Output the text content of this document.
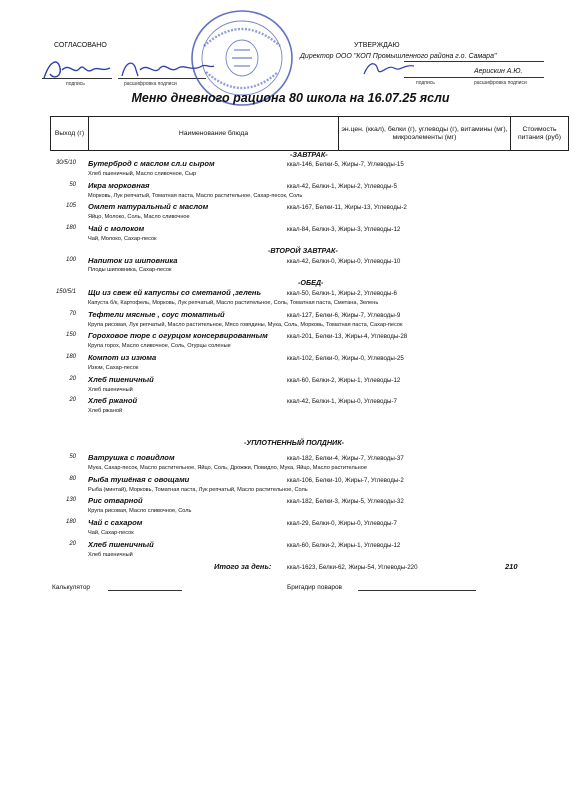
СОГЛАСОВАНО
подпись	расшифровка подписи
УТВЕРЖДАЮ
Директор ООО "КОП Промышленного района г.о. Самара"
Аерискин А.Ю.
подпись	расшифровка подписи
Меню дневного рациона 80 школа на 16.07.25 ясли
Выход (г)	Наименование блюда	эн.цен. (ккал), белки (г), углеводы (г), витамины (мг), микроэлементы (мг)	Стоимость питания (руб)
-ЗАВТРАК-
30/5/10 Бутерброд с маслом сл.и сыром	ккал-146, Белки-5, Жиры-7, Углеводы-15
Хлеб пшеничный, Масло сливочное, Сыр
50 Икра морковная	ккал-42, Белки-1, Жиры-2, Углеводы-5
Морковь, Лук репчатый, Томатная паста, Масло растительное, Сахар-песок, Соль
105 Омлет натуральный с маслом	ккал-167, Белки-11, Жиры-13, Углеводы-2
Яйцо, Молоко, Соль, Масло сливочное
180 Чай с молоком	ккал-84, Белки-3, Жиры-3, Углеводы-12
Чай, Молоко, Сахар-песок
-ВТОРОЙ ЗАВТРАК-
100 Напиток из шиповника	ккал-42, Белки-0, Жиры-0, Углеводы-10
Плоды шиповника, Сахар-песок
-ОБЕД-
150/5/1 Щи из свеж ей капусты со сметаной ,зелень	ккал-50, Белки-1, Жиры-2, Углеводы-6
Капуста б/к, Картофель, Морковь, Лук репчатый, Масло растительное, Соль, Томатная паста, Сметана, Зелень
70 Тефтели мясные , соус томатный	ккал-127, Белки-6, Жиры-7, Углеводы-9
Крупа рисовая, Лук репчатый, Масло растительное, Мясо говядины, Мука, Соль, Морковь, Томатная паста, Сахар-песок
150 Гороховое пюре с огурцом консервированным	ккал-201, Белки-13, Жиры-4, Углеводы-28
Крупа горох, Масло сливочное, Соль, Огурцы соленые
180 Компот из изюма	ккал-102, Белки-0, Жиры-0, Углеводы-25
Изюм, Сахар-песок
20 Хлеб пшеничный	ккал-60, Белки-2, Жиры-1, Углеводы-12
Хлеб пшеничный
20 Хлеб ржаной	ккал-42, Белки-1, Жиры-0, Углеводы-7
Хлеб ржаной
-УПЛОТНЕННЫЙ ПОЛДНИК-
50 Ватрушка с повидлом	ккал-182, Белки-4, Жиры-7, Углеводы-37
Мука, Сахар-песок, Масло растительное, Яйцо, Соль, Дрожжи, Повидло, Мука, Яйцо, Масло растительное
80 Рыба тушёная с овощами	ккал-106, Белки-10, Жиры-7, Углеводы-2
Рыба (минтай), Морковь, Томатная паста, Лук репчатый, Масло растительное, Соль
130 Рис отварной	ккал-182, Белки-3, Жиры-5, Углеводы-32
Крупа рисовая, Масло сливочное, Соль
180 Чай с сахаром	ккал-29, Белки-0, Жиры-0, Углеводы-7
Чай, Сахар-песок
20 Хлеб пшеничный	ккал-60, Белки-2, Жиры-1, Углеводы-12
Хлеб пшеничный
Итого за день:	ккал-1623, Белки-62, Жиры-54, Углеводы-220	210
Калькулятор	Бригадир поваров
